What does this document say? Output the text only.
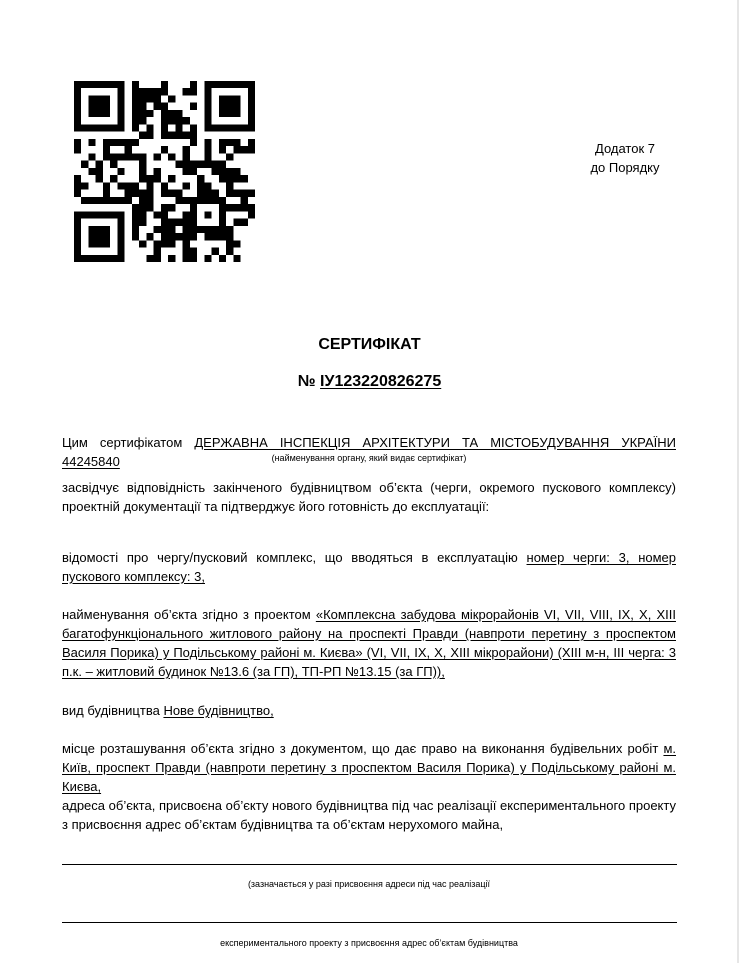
Додаток 7
до Порядку
СЕРТИФІКАТ
№ ІУ123220826275
Цим сертифікатом ДЕРЖАВНА ІНСПЕКЦІЯ АРХІТЕКТУРИ ТА МІСТОБУДУВАННЯ УКРАЇНИ 44245840	(найменування органу, який видає сертифікат)
засвідчує відповідність закінченого будівництвом об’єкта (черги, окремого пускового комплексу) проектній документації та підтверджує його готовність до експлуатації:
відомості про чергу/пусковий комплекс, що вводяться в експлуатацію номер черги: 3, номер пускового комплексу: 3,
найменування об’єкта згідно з проектом «Комплексна забудова мікрорайонів VI, VII, VIII, IX, X, XIII багатофункціонального житлового району на проспекті Правди (навпроти перетину з проспектом Василя Порика) у Подільському районі м. Києва» (VI, VII, IX, X, XIII мікрорайони) (XIII м-н, III черга: 3 п.к. – житловий будинок №13.6 (за ГП), ТП-РП №13.15 (за ГП)),
вид будівництва Нове будівництво,
місце розташування об’єкта згідно з документом, що дає право на виконання будівельних робіт м. Київ, проспект Правди (навпроти перетину з проспектом Василя Порика) у Подільському районі м. Києва,
адреса об’єкта, присвоєна об’єкту нового будівництва під час реалізації експериментального проекту з присвоєння адрес об’єктам будівництва та об’єктам нерухомого майна,
(зазначається у разі присвоєння адреси під час реалізації
експериментального проекту з присвоєння адрес об’єктам будівництва
